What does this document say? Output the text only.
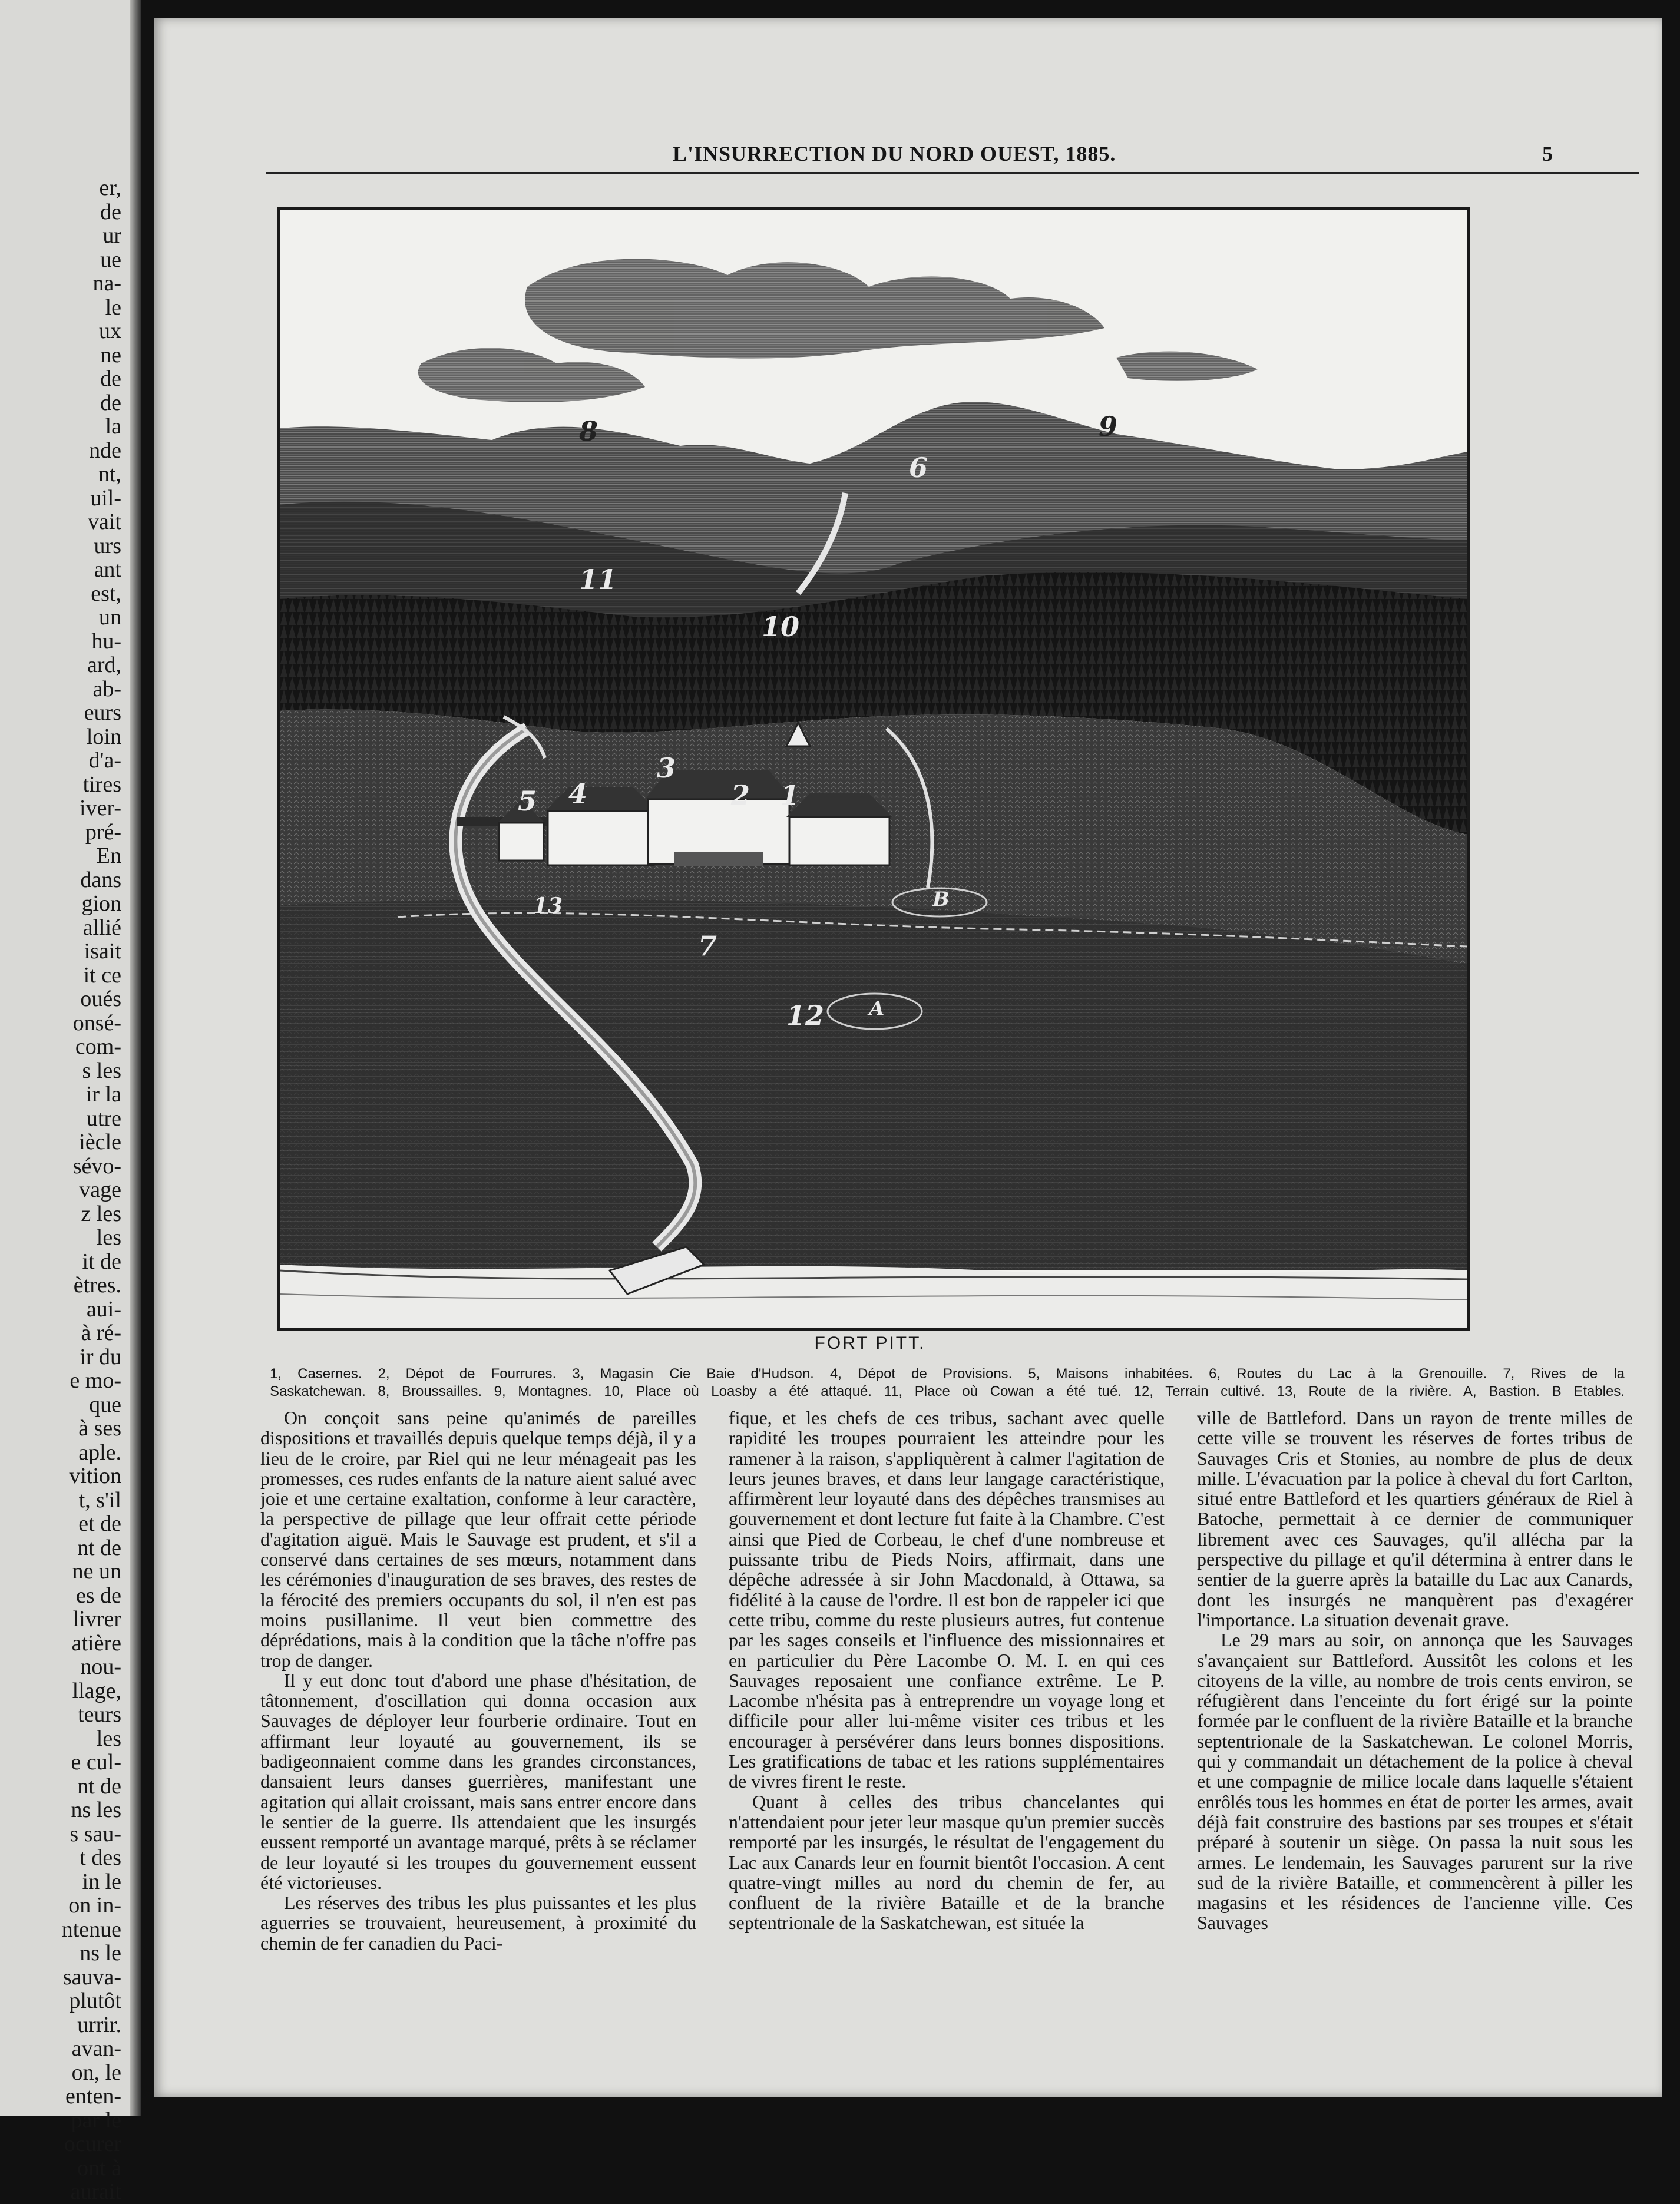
er,
de
ur
ue
na-
le
ux
ne
de
de
la
nde
nt,
uil-
vait
urs
ant
est,
un
hu-
ard,
ab-
eurs
loin
d'a-
tires
iver-
pré-
En
dans
gion
allié
isait
it ce
oués
onsé-
com-
s les
ir la
utre
iècle
sévo-
vage
z les
les
it de
ètres.
aui-
à ré-
ir du
e mo-
que
à ses
aple.
vition
t, s'il
et de
nt de
ne un
es de
livrer
atière
nou-
llage,
teurs
les
e cul-
nt de
ns les
s sau-
t des
in le
on in-
ntenue
ns le
sauva-
plutôt
urrir.
avan-
on, le
enten-
par le
ocurer
ont à
aurait
L'INSURRECTION DU NORD OUEST, 1885.	5
8	9
6
11
10
3
2
5 4	1
13
7
12
B
A
FORT PITT.
1, Casernes. 2, Dépot de Fourrures. 3, Magasin Cie Baie d'Hudson. 4, Dépot de Provisions. 5, Maisons inhabitées. 6, Routes du Lac à la Grenouille. 7, Rives de la
Saskatchewan. 8, Broussailles. 9, Montagnes. 10, Place où Loasby a été attaqué. 11, Place où Cowan a été tué. 12, Terrain cultivé. 13, Route de la rivière. A, Bastion. B Etables.

On conçoit sans peine qu'animés de pareilles dispositions et travaillés depuis quelque temps déjà, il y a lieu de le croire, par Riel qui ne leur ménageait pas les promesses, ces rudes enfants de la nature aient salué avec joie et une certaine exaltation, conforme à leur caractère, la perspective de pillage que leur offrait cette période d'agitation aiguë. Mais le Sauvage est prudent, et s'il a conservé dans certaines de ses mœurs, notamment dans les cérémonies d'inauguration de ses braves, des restes de la férocité des premiers occupants du sol, il n'en est pas moins pusillanime. Il veut bien commettre des déprédations, mais à la condition que la tâche n'offre pas trop de danger.

Il y eut donc tout d'abord une phase d'hésitation, de tâtonnement, d'oscillation qui donna occasion aux Sauvages de déployer leur fourberie ordinaire. Tout en affirmant leur loyauté au gouvernement, ils se badigeonnaient comme dans les grandes circonstances, dansaient leurs danses guerrières, manifestant une agitation qui allait croissant, mais sans entrer encore dans le sentier de la guerre. Ils attendaient que les insurgés eussent remporté un avantage marqué, prêts à se réclamer de leur loyauté si les troupes du gouvernement eussent été victorieuses.

Les réserves des tribus les plus puissantes et les plus aguerries se trouvaient, heureusement, à proximité du chemin de fer canadien du Paci-

fique, et les chefs de ces tribus, sachant avec quelle rapidité les troupes pourraient les atteindre pour les ramener à la raison, s'appliquèrent à calmer l'agitation de leurs jeunes braves, et dans leur langage caractéristique, affirmèrent leur loyauté dans des dépêches transmises au gouvernement et dont lecture fut faite à la Chambre. C'est ainsi que Pied de Corbeau, le chef d'une nombreuse et puissante tribu de Pieds Noirs, affirmait, dans une dépêche adressée à sir John Macdonald, à Ottawa, sa fidélité à la cause de l'ordre. Il est bon de rappeler ici que cette tribu, comme du reste plusieurs autres, fut contenue par les sages conseils et l'influence des missionnaires et en particulier du Père Lacombe O. M. I. en qui ces Sauvages reposaient une confiance extrême. Le P. Lacombe n'hésita pas à entreprendre un voyage long et difficile pour aller lui-même visiter ces tribus et les encourager à persévérer dans leurs bonnes dispositions. Les gratifications de tabac et les rations supplémentaires de vivres firent le reste.

Quant à celles des tribus chancelantes qui n'attendaient pour jeter leur masque qu'un premier succès remporté par les insurgés, le résultat de l'engagement du Lac aux Canards leur en fournit bientôt l'occasion. A cent quatre-vingt milles au nord du chemin de fer, au confluent de la rivière Bataille et de la branche septentrionale de la Saskatchewan, est située la

ville de Battleford. Dans un rayon de trente milles de cette ville se trouvent les réserves de fortes tribus de Sauvages Cris et Stonies, au nombre de plus de deux mille. L'évacuation par la police à cheval du fort Carlton, situé entre Battleford et les quartiers généraux de Riel à Batoche, permettait à ce dernier de communiquer librement avec ces Sauvages, qu'il alléchа par la perspective du pillage et qu'il détermina à entrer dans le sentier de la guerre après la bataille du Lac aux Canards, dont les insurgés ne manquèrent pas d'exagérer l'importance. La situation devenait grave.

Le 29 mars au soir, on annonça que les Sauvages s'avançaient sur Battleford. Aussitôt les colons et les citoyens de la ville, au nombre de trois cents environ, se réfugièrent dans l'enceinte du fort érigé sur la pointe formée par le confluent de la rivière Bataille et la branche septentrionale de la Saskatchewan. Le colonel Morris, qui y commandait un détachement de la police à cheval et une compagnie de milice locale dans laquelle s'étaient enrôlés tous les hommes en état de porter les armes, avait déjà fait construire des bastions par ses troupes et s'était préparé à soutenir un siège. On passa la nuit sous les armes. Le lendemain, les Sauvages parurent sur la rive sud de la rivière Bataille, et commencèrent à piller les magasins et les résidences de l'ancienne ville. Ces Sauvages
